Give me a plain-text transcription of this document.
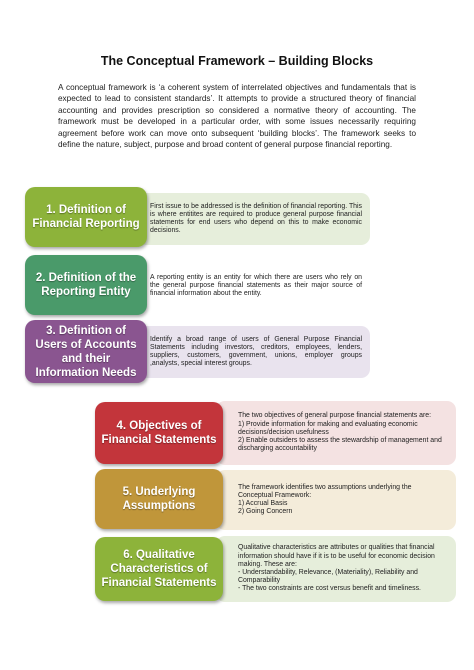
The Conceptual Framework – Building Blocks

A conceptual framework is ‘a coherent system of interrelated objectives and fundamentals that is expected to lead to consistent standards’. It attempts to provide a structured theory of financial accounting and provides prescription so considered a normative theory of accounting. The framework must be developed in a particular order, with some issues necessarily requiring agreement before work can move onto subsequent ‘building blocks’. The framework seeks to define the nature, subject, purpose and broad content of general purpose financial reporting.

First issue to be addressed is the definition of financial reporting. This is where entitites are required to produce general purpose financial statements for end users who depend on this to make economic decisions.
1. Definition of Financial Reporting
A reporting entity is an entity for which there are users who rely on the general purpose financial statements as their major source of financial information about the entity.
2. Definition of the Reporting Entity
Identify a broad range of users of General Purpose Financial Statements including investors, creditors, employees, lenders, suppliers, customers, government, unions, employer groups ,analysts, special interest groups.
3. Definition of Users of Accounts and their Information Needs
The two objectives of general purpose financial statements are:
1) Provide information for making and evaluating economic decisions/decision usefulness
2) Enable outsiders to assess the stewardship of management and discharging accountability
4. Objectives of Financial Statements
The framework identifies two assumptions underlying the Conceptual Framework:
1) Accrual Basis
2) Going Concern
5. Underlying Assumptions
Qualitative characteristics are attributes or qualities that financial information should have if it is to be useful for economic decision making. These are:
- Understandability, Relevance, (Materiality), Reliability and Comparability
- The two constraints are cost versus benefit and timeliness.
6. Qualitative Characteristics of Financial Statements
